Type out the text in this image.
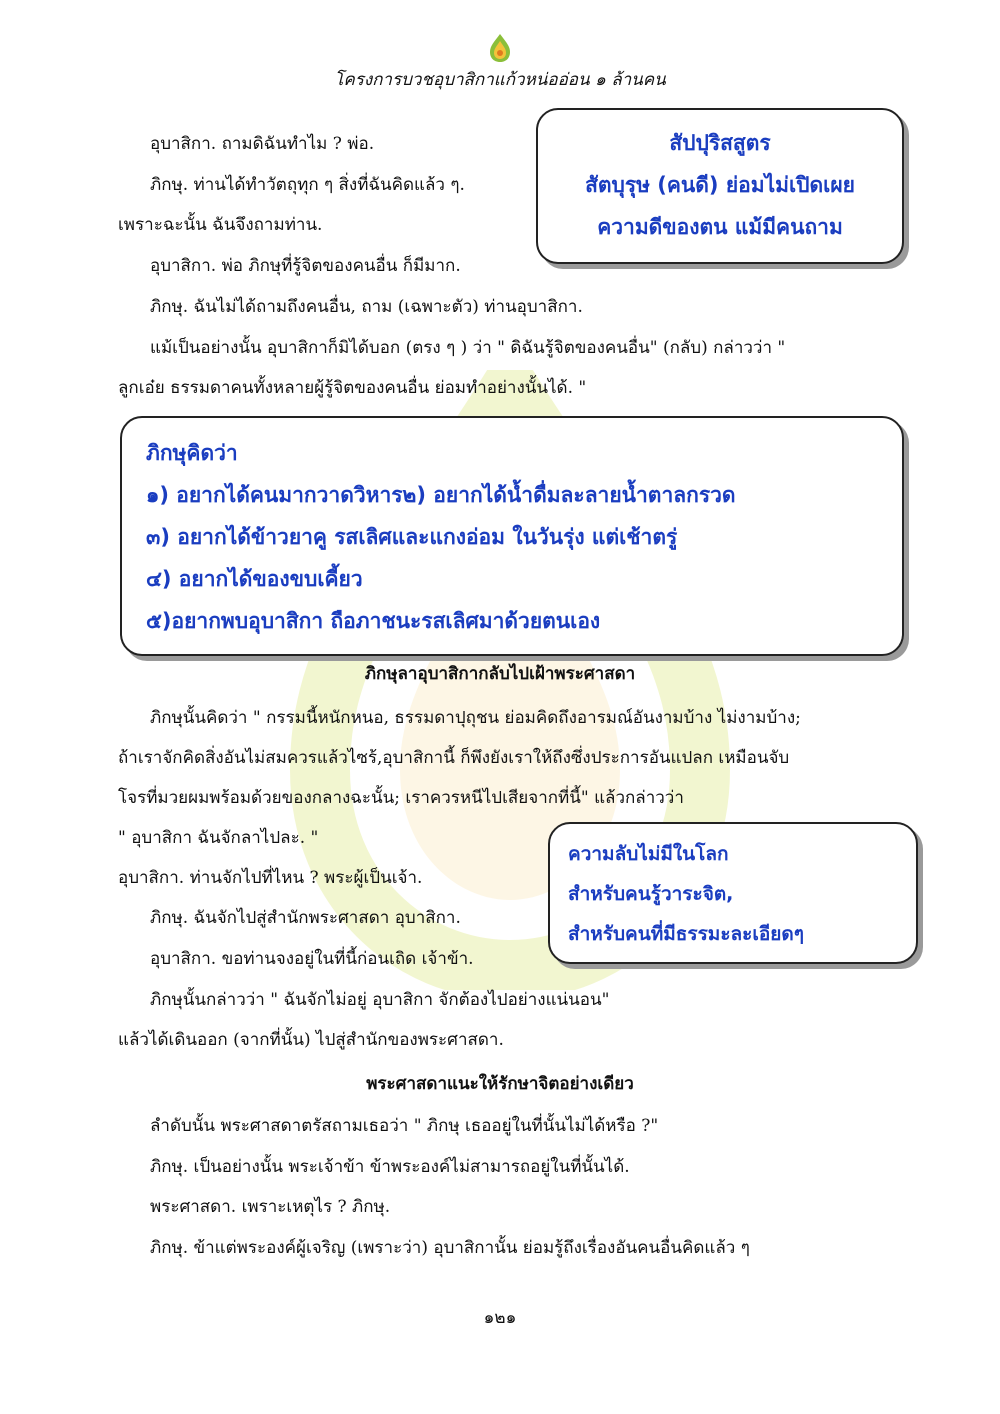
โครงการบวชอุบาสิกาแก้วหน่ออ่อน ๑ ล้านคน
อุบาสิกา. ถามดิฉันทำไม ? พ่อ.
ภิกษุ. ท่านได้ทำวัตถุทุก ๆ สิ่งที่ฉันคิดแล้ว ๆ.
เพราะฉะนั้น ฉันจึงถามท่าน.
อุบาสิกา. พ่อ ภิกษุที่รู้จิตของคนอื่น ก็มีมาก.
ภิกษุ. ฉันไม่ได้ถามถึงคนอื่น, ถาม (เฉพาะตัว) ท่านอุบาสิกา.
แม้เป็นอย่างนั้น อุบาสิกาก็มิได้บอก (ตรง ๆ ) ว่า " ดิฉันรู้จิตของคนอื่น" (กลับ) กล่าวว่า "
ลูกเอ๋ย ธรรมดาคนทั้งหลายผู้รู้จิตของคนอื่น ย่อมทำอย่างนั้นได้. "
สัปปุริสสูตร
สัตบุรุษ (คนดี) ย่อมไม่เปิดเผย
ความดีของตน แม้มีคนถาม
ภิกษุคิดว่า
๑) อยากได้คนมากวาดวิหาร๒) อยากได้น้ำดื่มละลายน้ำตาลกรวด
๓) อยากได้ข้าวยาคู รสเลิศและแกงอ่อม ในวันรุ่ง แต่เช้าตรู่
๔) อยากได้ของขบเคี้ยว
๕)อยากพบอุบาสิกา ถือภาชนะรสเลิศมาด้วยตนเอง
ภิกษุลาอุบาสิกากลับไปเฝ้าพระศาสดา
ภิกษุนั้นคิดว่า " กรรมนี้หนักหนอ, ธรรมดาปุถุชน ย่อมคิดถึงอารมณ์อันงามบ้าง ไม่งามบ้าง;
ถ้าเราจักคิดสิ่งอันไม่สมควรแล้วไซร้,อุบาสิกานี้ ก็พึงยังเราให้ถึงซึ่งประการอันแปลก เหมือนจับ
โจรที่มวยผมพร้อมด้วยของกลางฉะนั้น; เราควรหนีไปเสียจากที่นี้" แล้วกล่าวว่า
" อุบาสิกา ฉันจักลาไปละ. "
อุบาสิกา. ท่านจักไปที่ไหน ? พระผู้เป็นเจ้า.
ภิกษุ. ฉันจักไปสู่สำนักพระศาสดา อุบาสิกา.
อุบาสิกา. ขอท่านจงอยู่ในที่นี้ก่อนเถิด เจ้าข้า.
ภิกษุนั้นกล่าวว่า " ฉันจักไม่อยู่ อุบาสิกา จักต้องไปอย่างแน่นอน"
แล้วได้เดินออก (จากที่นั้น) ไปสู่สำนักของพระศาสดา.
ความลับไม่มีในโลก
สำหรับคนรู้วาระจิต,
สำหรับคนที่มีธรรมะละเอียดๆ
พระศาสดาแนะให้รักษาจิตอย่างเดียว
ลำดับนั้น พระศาสดาตรัสถามเธอว่า " ภิกษุ เธออยู่ในที่นั้นไม่ได้หรือ ?"
ภิกษุ. เป็นอย่างนั้น พระเจ้าข้า ข้าพระองค์ไม่สามารถอยู่ในที่นั้นได้.
พระศาสดา. เพราะเหตุไร ? ภิกษุ.
ภิกษุ. ข้าแต่พระองค์ผู้เจริญ (เพราะว่า) อุบาสิกานั้น ย่อมรู้ถึงเรื่องอันคนอื่นคิดแล้ว ๆ
๑๒๑
